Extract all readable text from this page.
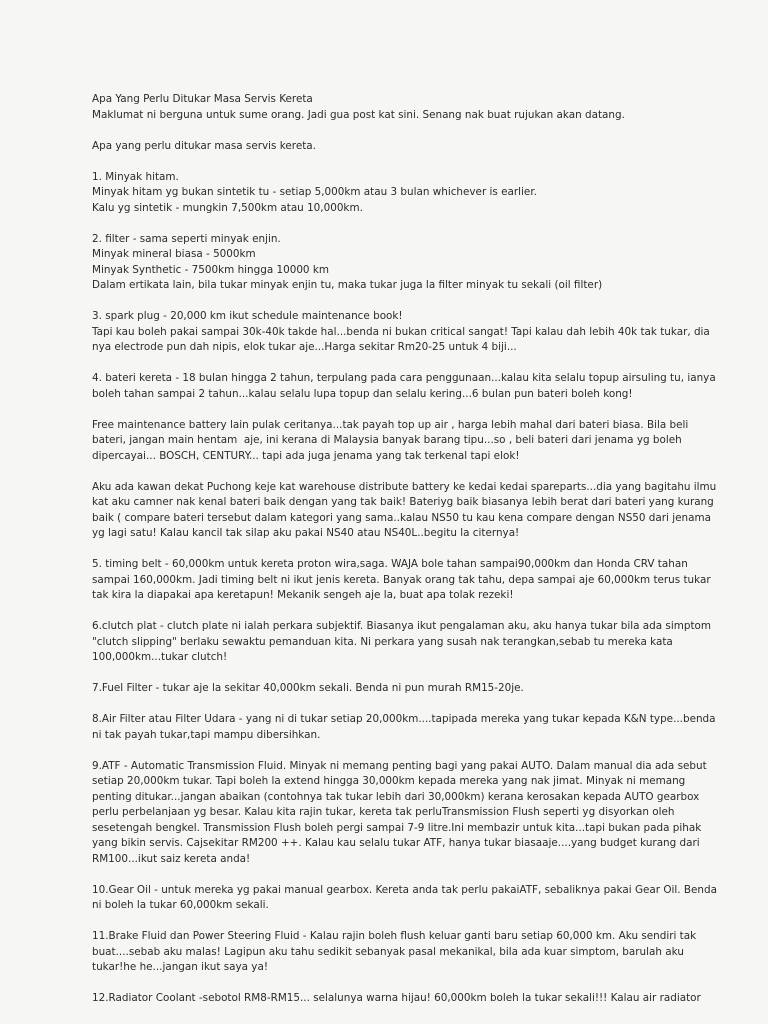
Apa Yang Perlu Ditukar Masa Servis Kereta
Maklumat ni berguna untuk sume orang. Jadi gua post kat sini. Senang nak buat rujukan akan datang.
Apa yang perlu ditukar masa servis kereta.
1. Minyak hitam.
Minyak hitam yg bukan sintetik tu - setiap 5,000km atau 3 bulan whichever is earlier.
Kalu yg sintetik - mungkin 7,500km atau 10,000km.
2. filter - sama seperti minyak enjin.
Minyak mineral biasa - 5000km
Minyak Synthetic - 7500km hingga 10000 km
Dalam ertikata lain, bila tukar minyak enjin tu, maka tukar juga la filter minyak tu sekali (oil filter)
3. spark plug - 20,000 km ikut schedule maintenance book!
Tapi kau boleh pakai sampai 30k-40k takde hal...benda ni bukan critical sangat! Tapi kalau dah lebih 40k tak tukar, dia
nya electrode pun dah nipis, elok tukar aje...Harga sekitar Rm20-25 untuk 4 biji...
4. bateri kereta - 18 bulan hingga 2 tahun, terpulang pada cara penggunaan...kalau kita selalu topup airsuling tu, ianya
boleh tahan sampai 2 tahun...kalau selalu lupa topup dan selalu kering...6 bulan pun bateri boleh kong!
Free maintenance battery lain pulak ceritanya...tak payah top up air , harga lebih mahal dari bateri biasa. Bila beli
bateri, jangan main hentam  aje, ini kerana di Malaysia banyak barang tipu...so , beli bateri dari jenama yg boleh
dipercayai... BOSCH, CENTURY... tapi ada juga jenama yang tak terkenal tapi elok!
Aku ada kawan dekat Puchong keje kat warehouse distribute battery ke kedai kedai spareparts...dia yang bagitahu ilmu
kat aku camner nak kenal bateri baik dengan yang tak baik! Bateriyg baik biasanya lebih berat dari bateri yang kurang
baik ( compare bateri tersebut dalam kategori yang sama..kalau NS50 tu kau kena compare dengan NS50 dari jenama
yg lagi satu! Kalau kancil tak silap aku pakai NS40 atau NS40L..begitu la citernya!
5. timing belt - 60,000km untuk kereta proton wira,saga. WAJA bole tahan sampai90,000km dan Honda CRV tahan
sampai 160,000km. Jadi timing belt ni ikut jenis kereta. Banyak orang tak tahu, depa sampai aje 60,000km terus tukar
tak kira la diapakai apa keretapun! Mekanik sengeh aje la, buat apa tolak rezeki!
6.clutch plat - clutch plate ni ialah perkara subjektif. Biasanya ikut pengalaman aku, aku hanya tukar bila ada simptom
"clutch slipping" berlaku sewaktu pemanduan kita. Ni perkara yang susah nak terangkan,sebab tu mereka kata
100,000km...tukar clutch!
7.Fuel Filter - tukar aje la sekitar 40,000km sekali. Benda ni pun murah RM15-20je.
8.Air Filter atau Filter Udara - yang ni di tukar setiap 20,000km....tapipada mereka yang tukar kepada K&N type...benda
ni tak payah tukar,tapi mampu dibersihkan.
9.ATF - Automatic Transmission Fluid. Minyak ni memang penting bagi yang pakai AUTO. Dalam manual dia ada sebut
setiap 20,000km tukar. Tapi boleh la extend hingga 30,000km kepada mereka yang nak jimat. Minyak ni memang
penting ditukar...jangan abaikan (contohnya tak tukar lebih dari 30,000km) kerana kerosakan kepada AUTO gearbox
perlu perbelanjaan yg besar. Kalau kita rajin tukar, kereta tak perluTransmission Flush seperti yg disyorkan oleh
sesetengah bengkel. Transmission Flush boleh pergi sampai 7-9 litre.Ini membazir untuk kita...tapi bukan pada pihak
yang bikin servis. Cajsekitar RM200 ++. Kalau kau selalu tukar ATF, hanya tukar biasaaje....yang budget kurang dari
RM100...ikut saiz kereta anda!
10.Gear Oil - untuk mereka yg pakai manual gearbox. Kereta anda tak perlu pakaiATF, sebaliknya pakai Gear Oil. Benda
ni boleh la tukar 60,000km sekali.
11.Brake Fluid dan Power Steering Fluid - Kalau rajin boleh flush keluar ganti baru setiap 60,000 km. Aku sendiri tak
buat....sebab aku malas! Lagipun aku tahu sedikit sebanyak pasal mekanikal, bila ada kuar simptom, barulah aku
tukar!he he...jangan ikut saya ya!
12.Radiator Coolant -sebotol RM8-RM15... selalunya warna hijau! 60,000km boleh la tukar sekali!!! Kalau air radiator
